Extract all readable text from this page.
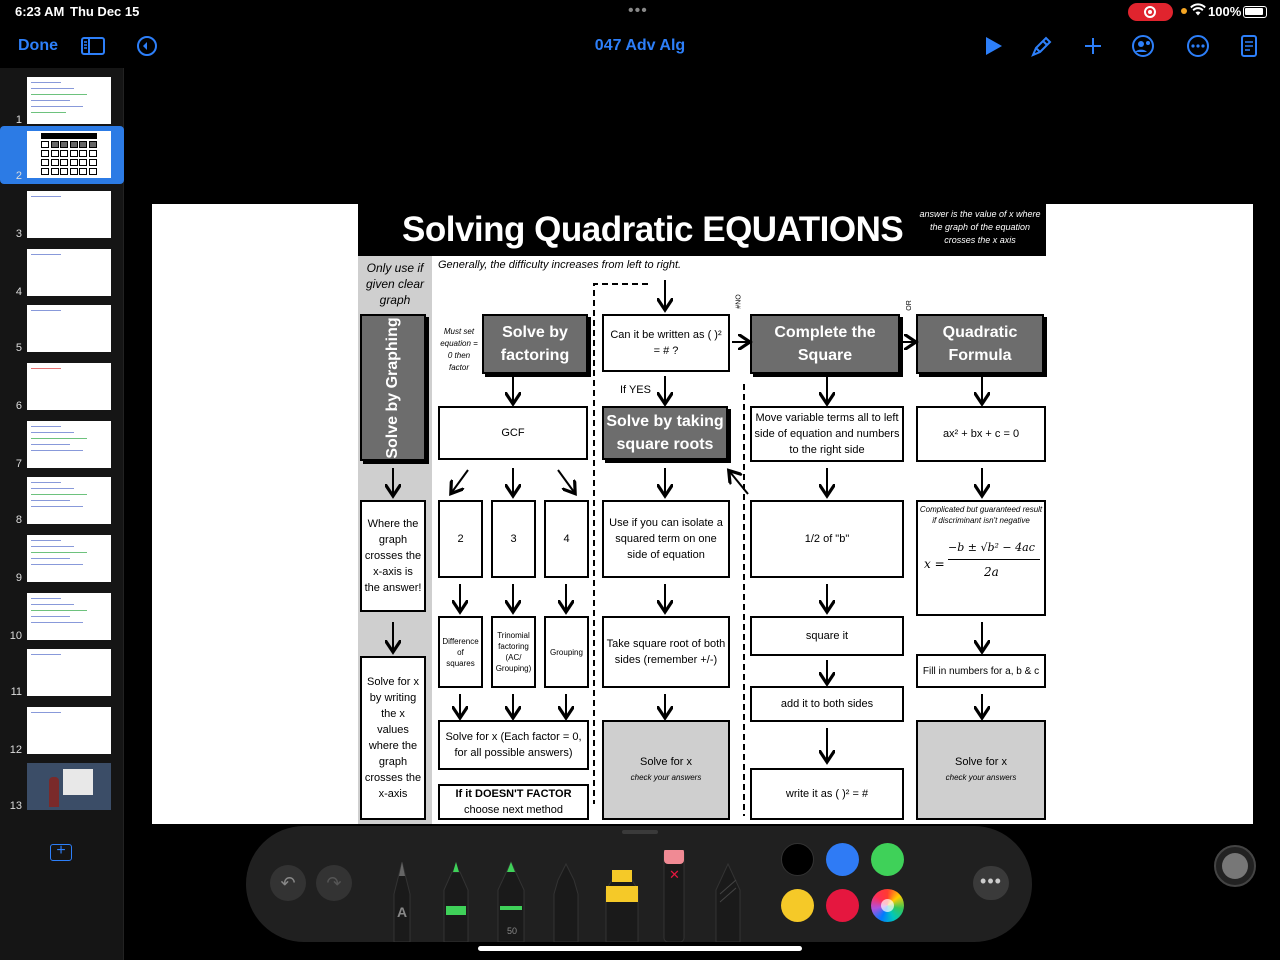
6:23 AM Thu Dec 15	•••	100%
Done	047 Adv Alg
1
2
3
4
5
6
7
8
9
10
11
12
13
+
Solving Quadratic EQUATIONS	answer is the value of x where the graph of the equation crosses the x axis
Only use if given clear graph
Generally, the difficulty increases from left to right.
Solve by Graphing
Where the graph crosses the x-axis is the answer!
Solve for x by writing the x values where the graph crosses the x-axis
Must set equation = 0 then factor
Solve by factoring
GCF
2	3	4
Difference of squares
Trinomial factoring (AC/ Grouping)
Grouping
Solve for x (Each factor = 0, for all possible answers)
If it DOESN'T FACTOR
choose next method
Can it be written as ( )² = # ?
If YES
Solve by taking square roots
Use if you can isolate a squared term on one side of equation
Take square root of both sides (remember +/-)
Solve for x
check your answers
#NO	OR
Complete the Square
Move variable terms all to left side of equation and numbers to the right side
1/2 of "b"
square it
add it to both sides
write it as ( )² = #
Quadratic Formula
ax² + bx + c = 0
Complicated but guaranteed result if discriminant isn't negative
x =
−b ± √b² − 4ac
2a
Fill in numbers for a, b & c
Solve for x
check your answers
↶	↷
A
✕
50
•••
